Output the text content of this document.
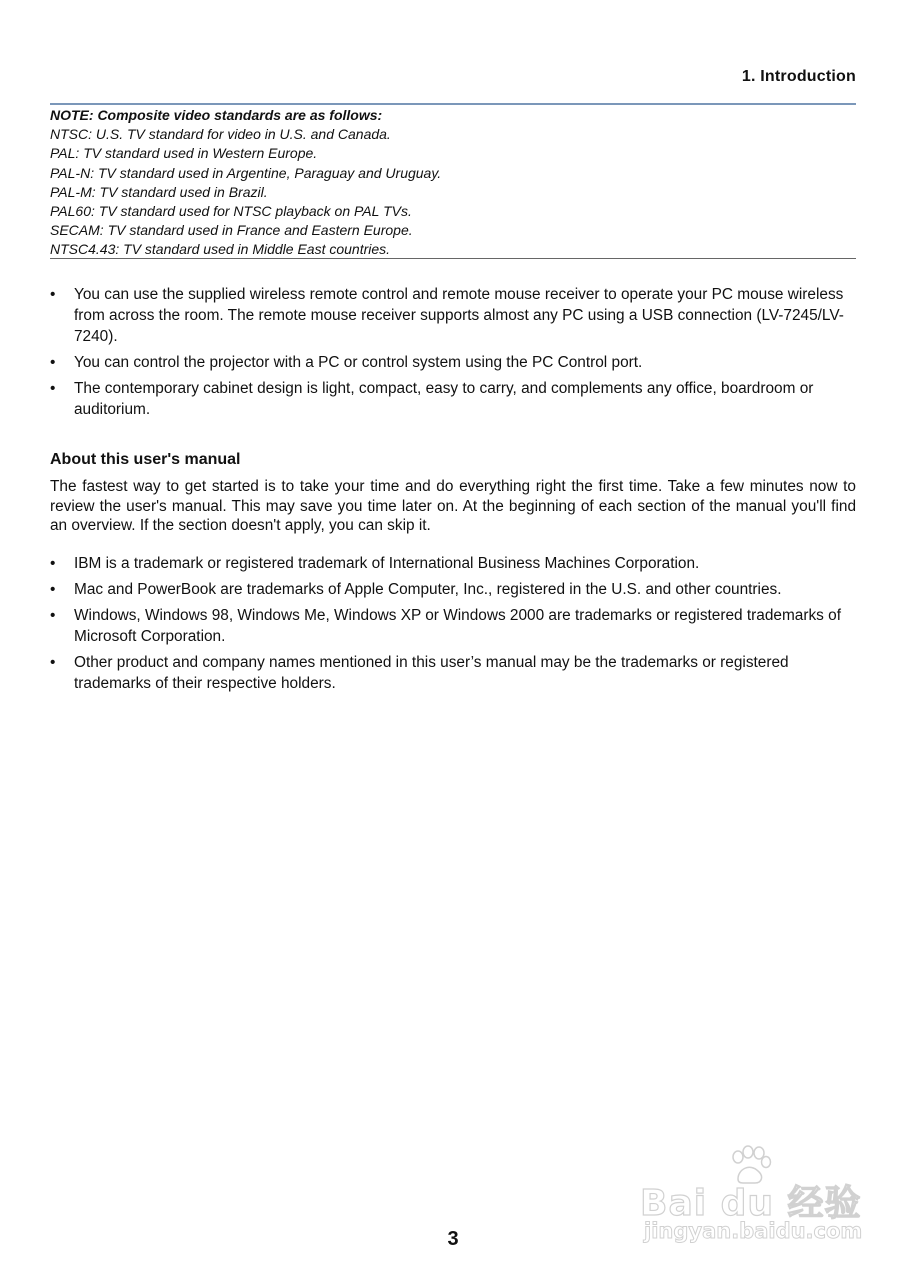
1. Introduction
NOTE: Composite video standards are as follows:
NTSC: U.S. TV standard for video in U.S. and Canada.
PAL: TV standard used in Western Europe.
PAL-N: TV standard used in Argentine, Paraguay and Uruguay.
PAL-M: TV standard used in Brazil.
PAL60: TV standard used for NTSC playback on PAL TVs.
SECAM: TV standard used in France and Eastern Europe.
NTSC4.43: TV standard used in Middle East countries.
• You can use the supplied wireless remote control and remote mouse receiver to operate your PC mouse wireless from across the room. The remote mouse receiver supports almost any PC using a USB connection (LV-7245/LV-7240).
• You can control the projector with a PC or control system using the PC Control port.
• The contemporary cabinet design is light, compact, easy to carry, and complements any office, boardroom or auditorium.
About this user's manual
The fastest way to get started is to take your time and do everything right the first time. Take a few minutes now to review the user's manual. This may save you time later on. At the beginning of each section of the manual you'll find an overview. If the section doesn't apply, you can skip it.
• IBM is a trademark or registered trademark of International Business Machines Corporation.
• Mac and PowerBook are trademarks of Apple Computer, Inc., registered in the U.S. and other countries.
• Windows, Windows 98, Windows Me, Windows XP or Windows 2000 are trademarks or registered trademarks of Microsoft Corporation.
• Other product and company names mentioned in this user’s manual may be the trademarks or registered trademarks of their respective holders.
Bai du 经验
jingyan.baidu.com
3
